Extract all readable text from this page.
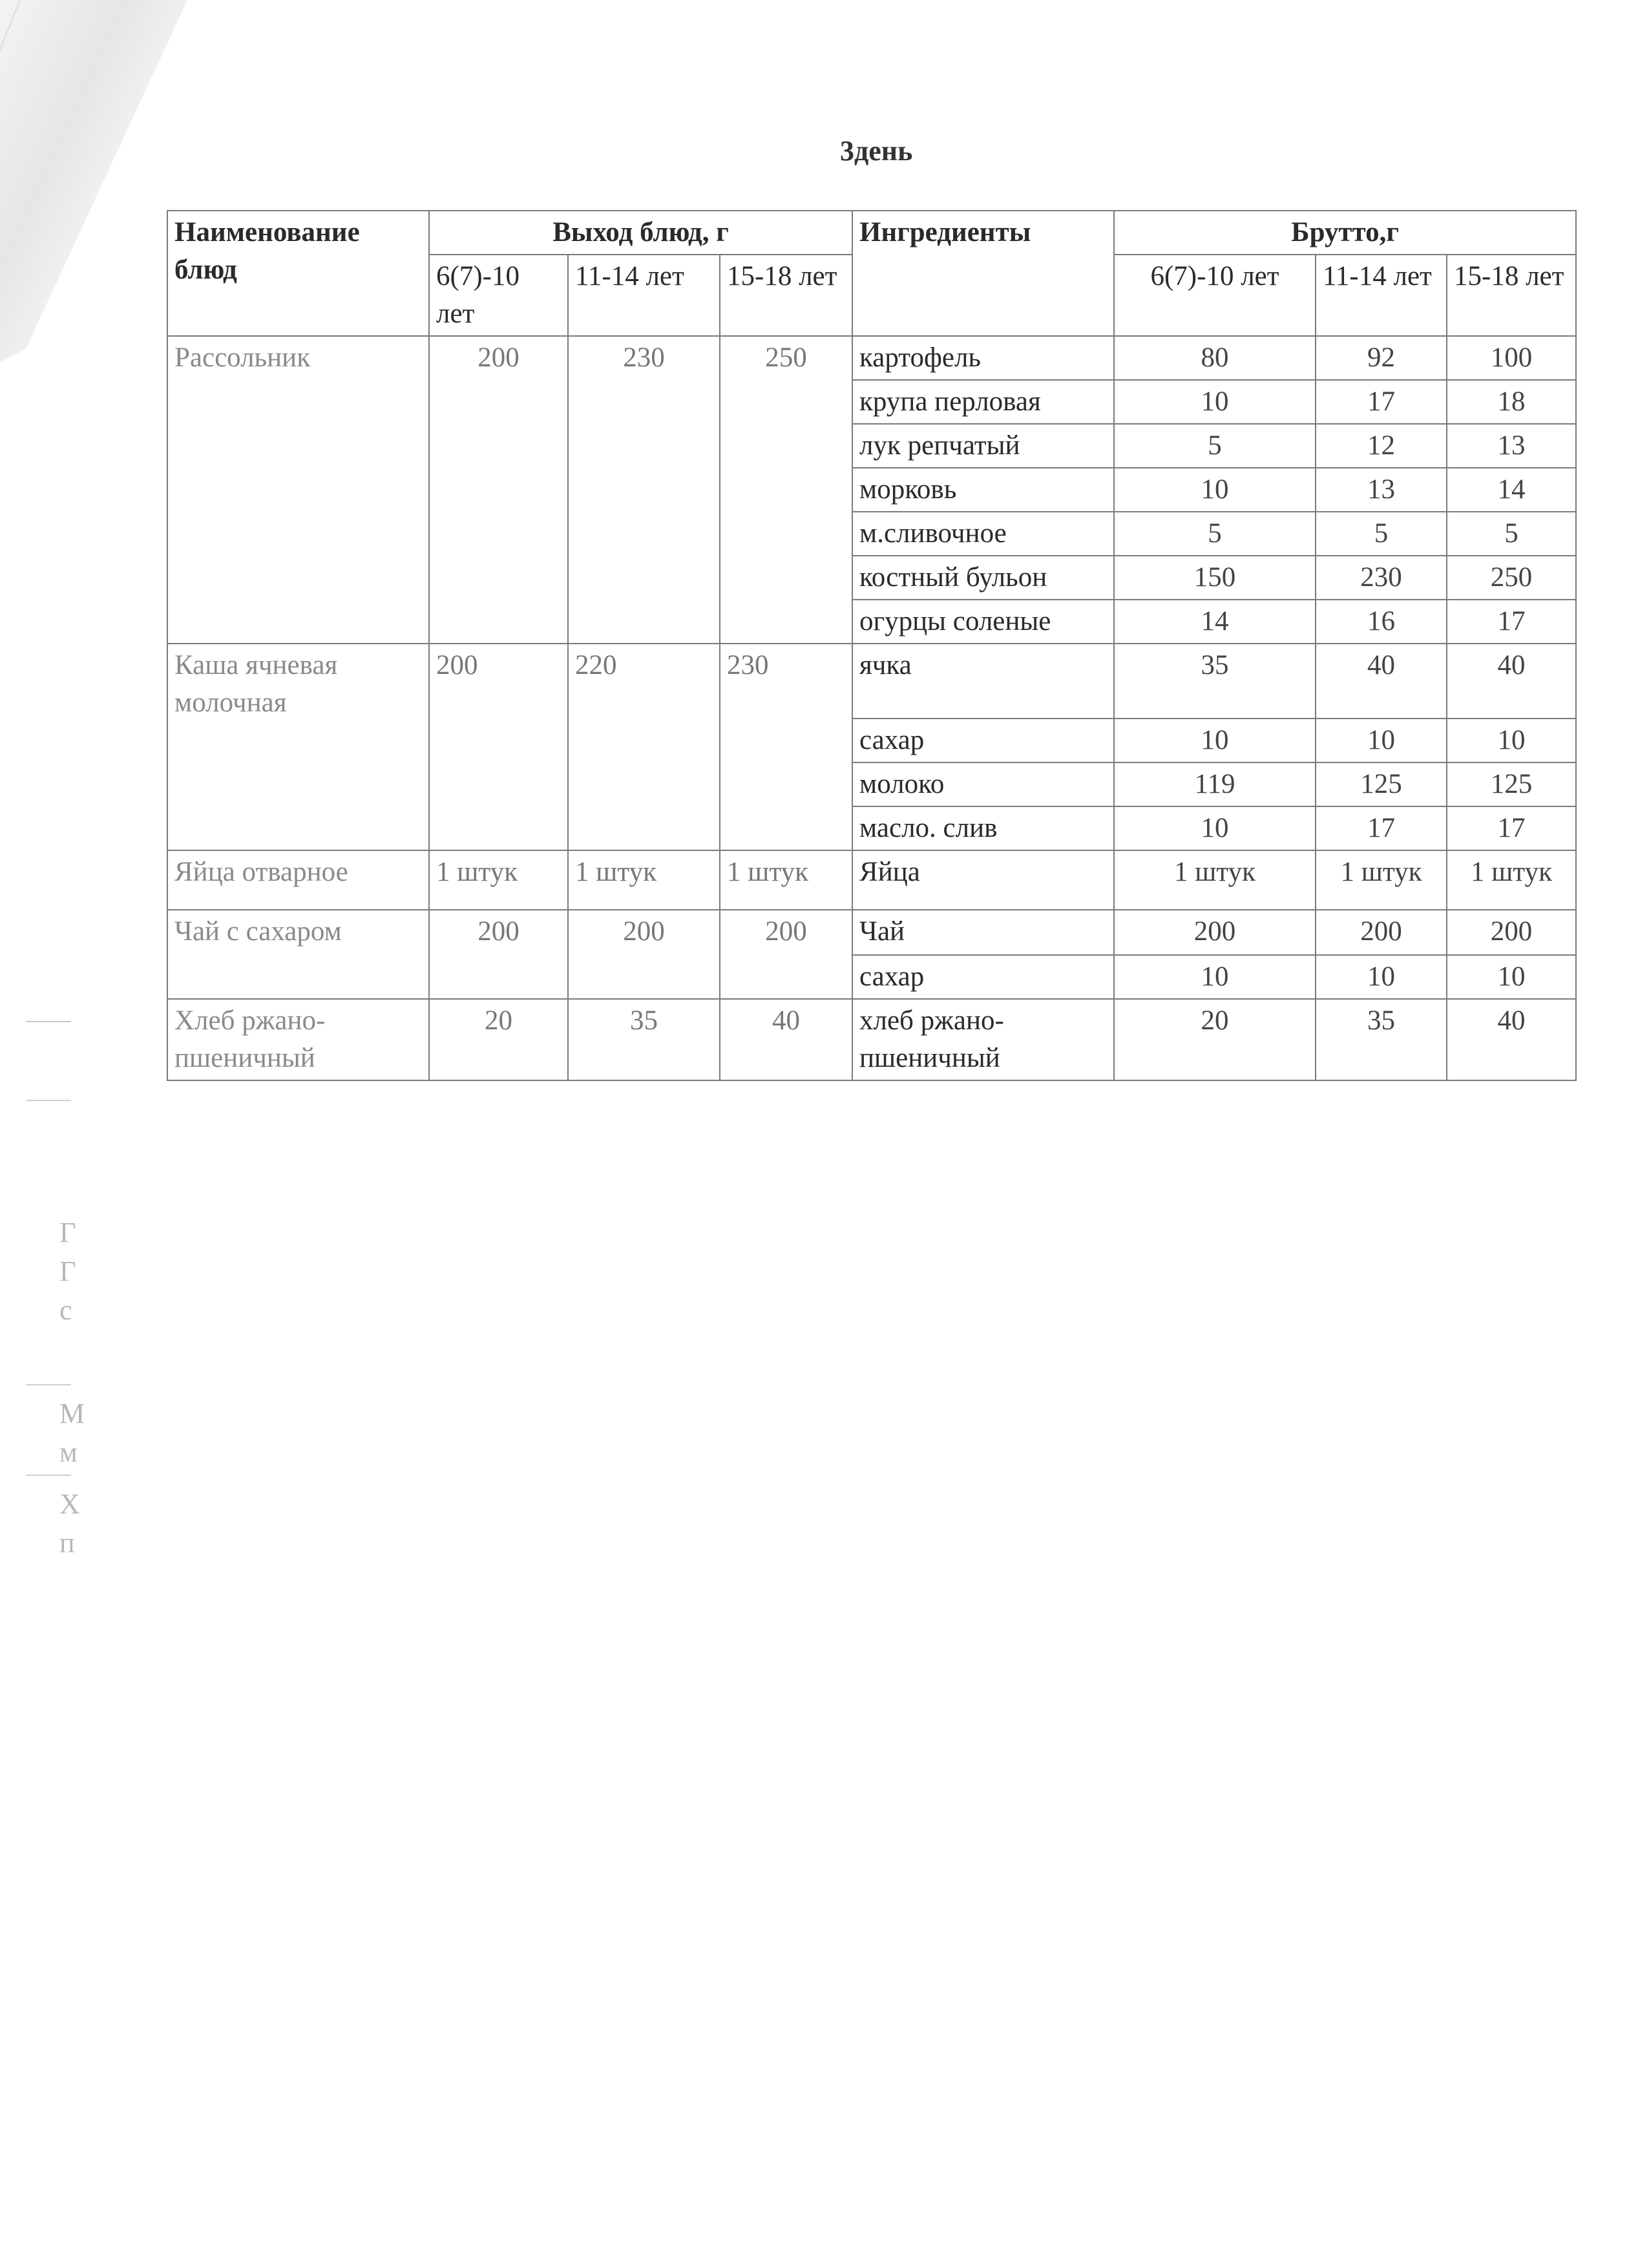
Г
Г
с
М
м
Х
п
3день
Наименование блюд	Выход блюд, г			Ингредиенты	Брутто,г		
	6(7)-10 лет	11-14 лет	15-18 лет		6(7)-10 лет	11-14 лет	15-18 лет
Рассольник	200	230	250	картофель	80	92	100
				крупа перловая	10	17	18
				лук репчатый	5	12	13
				морковь	10	13	14
				м.сливочное	5	5	5
				костный бульон	150	230	250
				огурцы соленые	14	16	17
Каша ячневая молочная	200	220	230	ячка	35	40	40
				сахар	10	10	10
				молоко	119	125	125
				масло. слив	10	17	17
Яйца отварное	1 штук	1 штук	1 штук	Яйца	1 штук	1 штук	1 штук
Чай с сахаром	200	200	200	Чай	200	200	200
				сахар	10	10	10
Хлеб ржано-пшеничный	20	35	40	хлеб ржано-пшеничный	20	35	40
